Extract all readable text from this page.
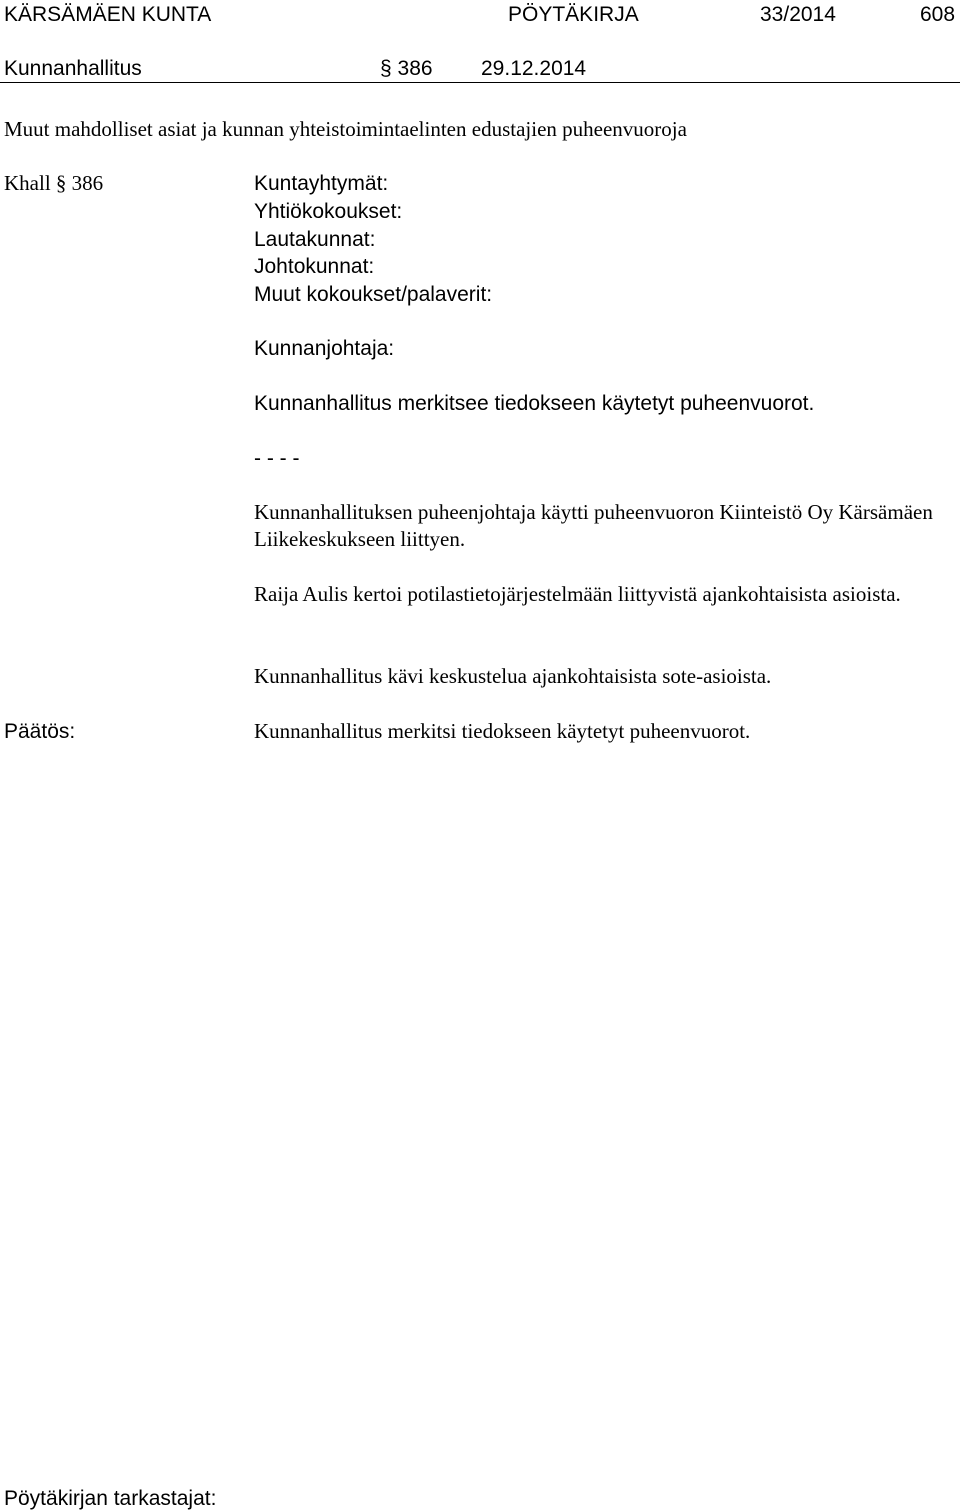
KÄRSÄMÄEN KUNTA	PÖYTÄKIRJA	33/2014	608
Kunnanhallitus	§ 386 29.12.2014
Muut mahdolliset asiat ja kunnan yhteistoimintaelinten edustajien puheenvuoroja
Khall § 386	Kuntayhtymät:
Yhtiökokoukset:
Lautakunnat:
Johtokunnat:
Muut kokoukset/palaverit:
Kunnanjohtaja:
Kunnanhallitus merkitsee tiedokseen käytetyt puheenvuorot.
- - - -
Kunnanhallituksen puheenjohtaja käytti puheenvuoron Kiinteistö Oy Kärsämäen Liikekeskukseen liittyen.
Raija Aulis kertoi potilastietojärjestelmään liittyvistä ajankohtaisista asioista.
Kunnanhallitus kävi keskustelua ajankohtaisista sote-asioista.
Päätös:	Kunnanhallitus merkitsi tiedokseen käytetyt puheenvuorot.
Pöytäkirjan tarkastajat:
